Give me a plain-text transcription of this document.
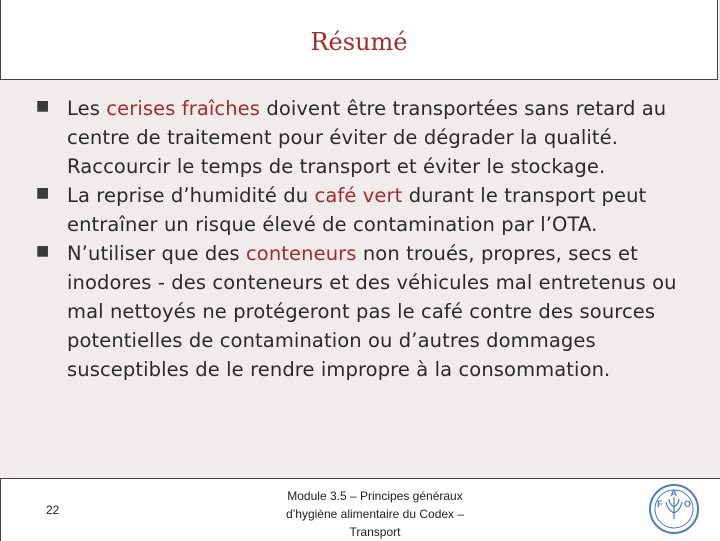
Résumé
■ Les cerises fraîches doivent être transportées sans retard au centre de traitement pour éviter de dégrader la qualité. Raccourcir le temps de transport et éviter le stockage.
■ La reprise d’humidité du café vert durant le transport peut entraîner un risque élevé de contamination par l’OTA.
■ N’utiliser que des conteneurs non troués, propres, secs et inodores - des conteneurs et des véhicules mal entretenus ou mal nettoyés ne protégeront pas le café contre des sources potentielles de contamination ou d’autres dommages susceptibles de le rendre impropre à la consommation.
22
Module 3.5 – Principes généraux
d’hygiène alimentaire du Codex –
Transport
F
A
O
